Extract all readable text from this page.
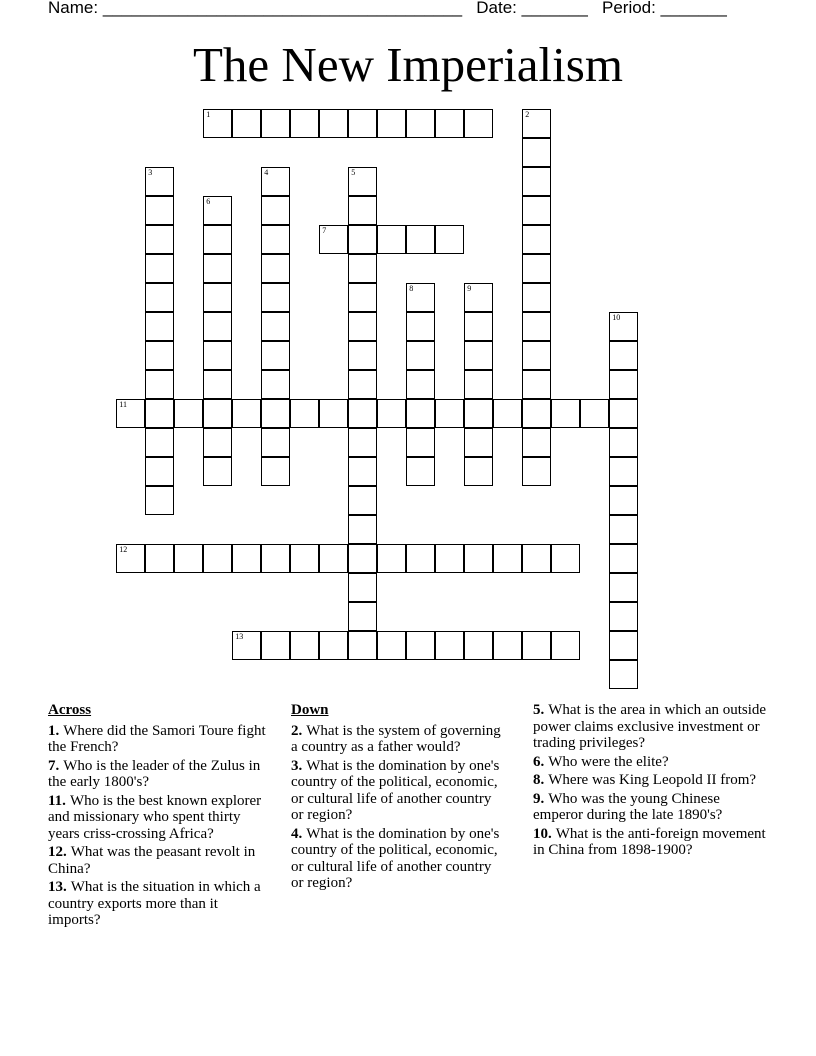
Name: ______________________________________ Date: _______ Period: _______
The New Imperialism
1	2
3	4	5
6
7
8	9
10
11
12
13
Across
1. Where did the Samori Toure fight the French?
7. Who is the leader of the Zulus in the early 1800's?
11. Who is the best known explorer and missionary who spent thirty years criss-crossing Africa?
12. What was the peasant revolt in China?
13. What is the situation in which a country exports more than it imports?
Down
2. What is the system of governing a country as a father would?
3. What is the domination by one's country of the political, economic, or cultural life of another country or region?
4. What is the domination by one's country of the political, economic, or cultural life of another country or region?
5. What is the area in which an outside power claims exclusive investment or trading privileges?
6. Who were the elite?
8. Where was King Leopold II from?
9. Who was the young Chinese emperor during the late 1890's?
10. What is the anti-foreign movement in China from 1898-1900?
